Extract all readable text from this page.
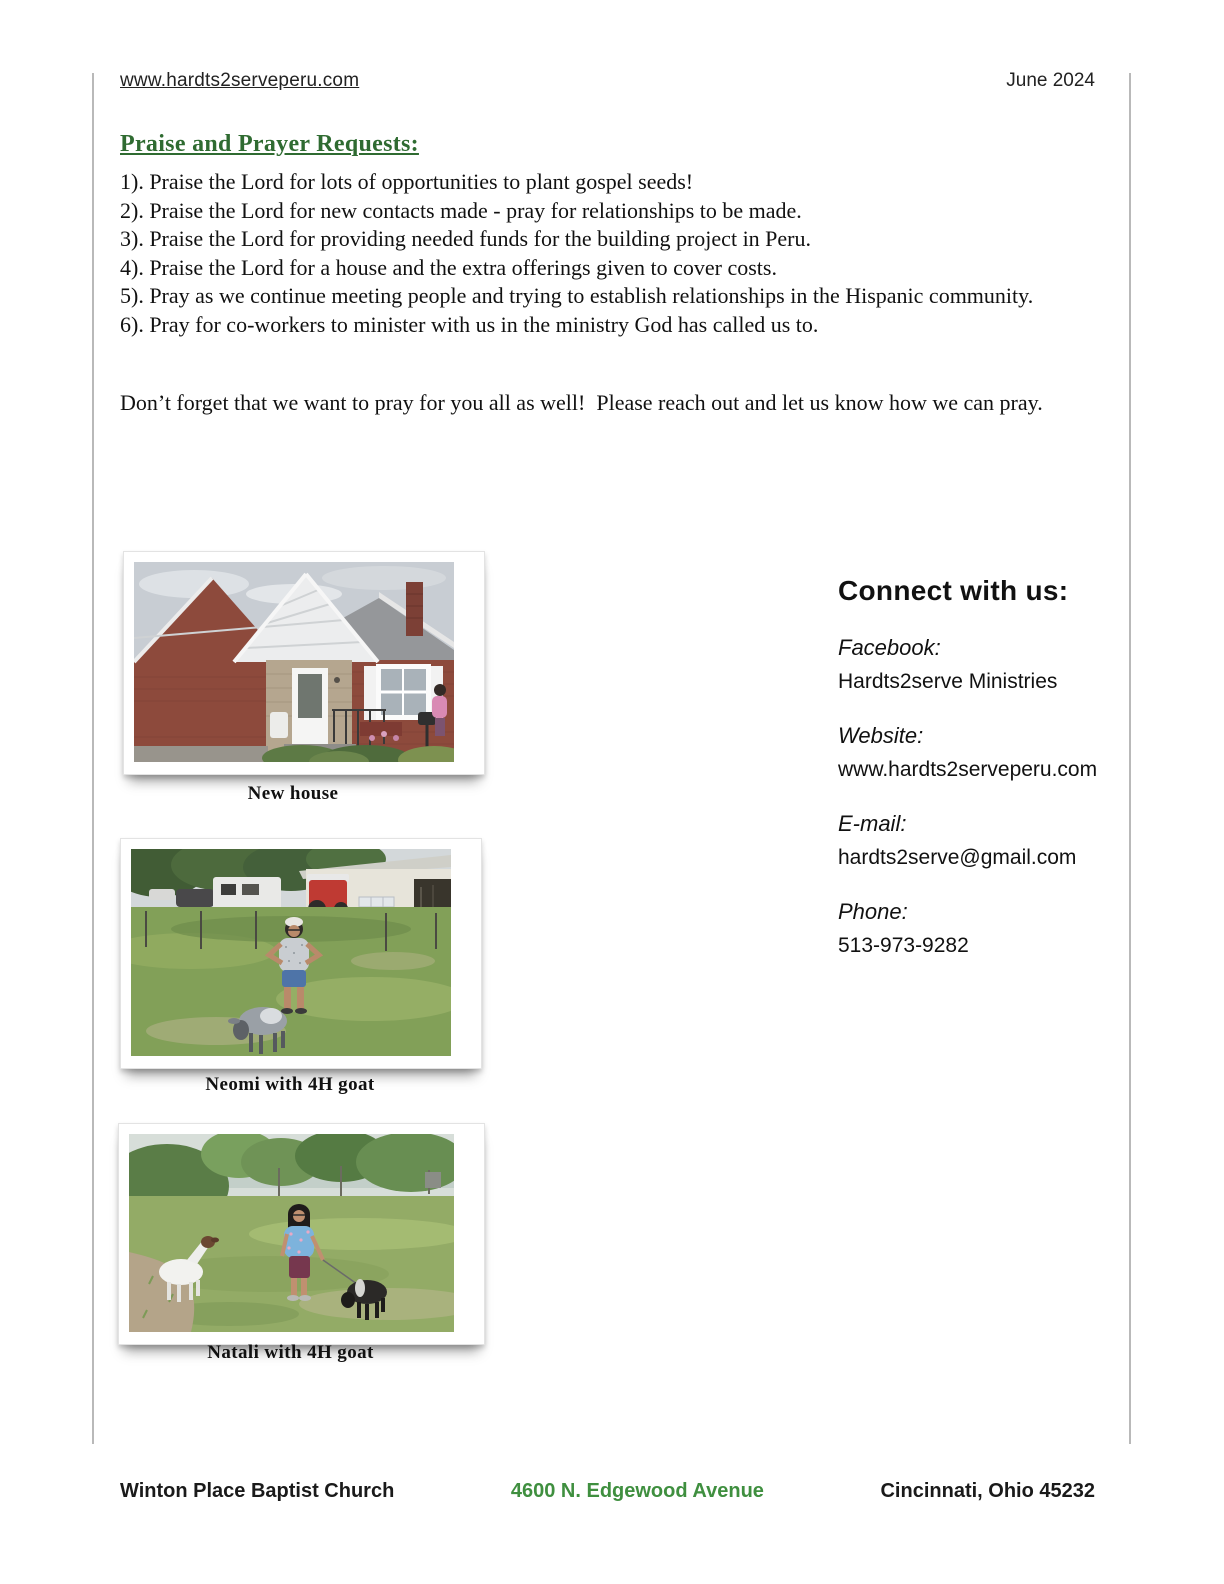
www.hardts2serveperu.com	June 2024
Praise and Prayer Requests:

1). Praise the Lord for lots of opportunities to plant gospel seeds!

2). Praise the Lord for new contacts made - pray for relationships to be made.

3). Praise the Lord for providing needed funds for the building project in Peru.

4). Praise the Lord for a house and the extra offerings given to cover costs.

5). Pray as we continue meeting people and trying to establish relationships in the Hispanic community.

6). Pray for co-workers to minister with us in the ministry God has called us to.

Don’t forget that we want to pray for you all as well!  Please reach out and let us know how we can pray.

New house
Neomi with 4H goat
Natali with 4H goat
Connect with us:
Facebook:
Hardts2serve Ministries
Website:
www.hardts2serveperu.com
E-mail:
hardts2serve@gmail.com
Phone:
513-973-9282
Winton Place Baptist Church	4600 N. Edgewood Avenue	Cincinnati, Ohio 45232
